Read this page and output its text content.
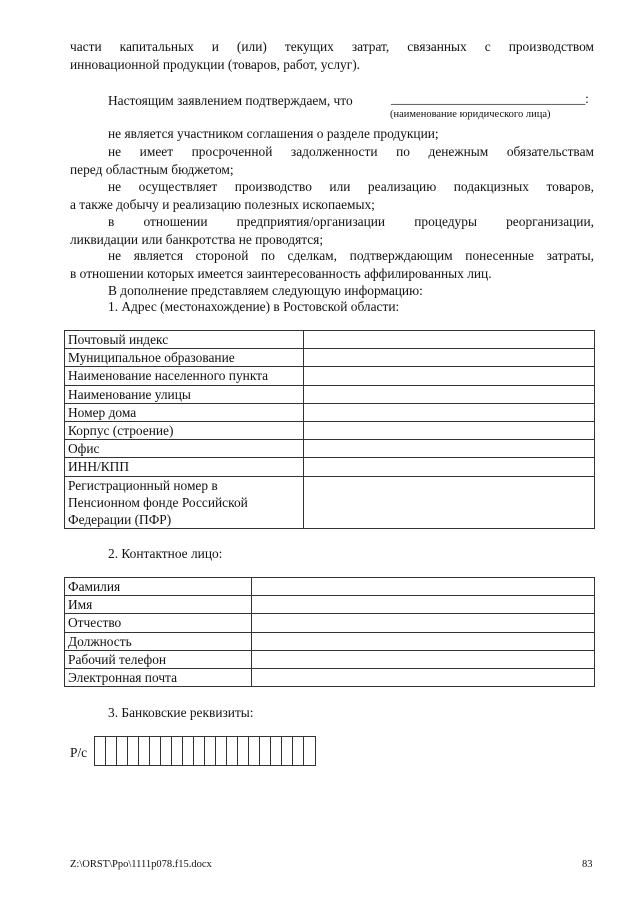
части капитальных и (или) текущих затрат, связанных с производством
инновационной продукции (товаров, работ, услуг).
Настоящим заявлением подтверждаем, что	_____________________________:
(наименование юридического лица)
не является участником соглашения о разделе продукции;
не имеет просроченной задолженности по денежным обязательствам
перед областным бюджетом;
не осуществляет производство или реализацию подакцизных товаров,
а также добычу и реализацию полезных ископаемых;
в отношении предприятия/организации процедуры реорганизации,
ликвидации или банкротства не проводятся;
не является стороной по сделкам, подтверждающим понесенные затраты,
в отношении которых имеется заинтересованность аффилированных лиц.
В дополнение представляем следующую информацию:
1. Адрес (местонахождение) в Ростовской области:
Почтовый индекс	
Муниципальное образование	
Наименование населенного пункта	
Наименование улицы	
Номер дома	
Корпус (строение)	
Офис	
ИНН/КПП	

Регистрационный номер в
Пенсионном фонде Российской
Федерации (ПФР)	

2. Контактное лицо:
Фамилия	
Имя	
Отчество	
Должность	
Рабочий телефон	
Электронная почта	
3. Банковские реквизиты:
Р/с
Z:\ORST\Ppo\1111p078.f15.docx	83
